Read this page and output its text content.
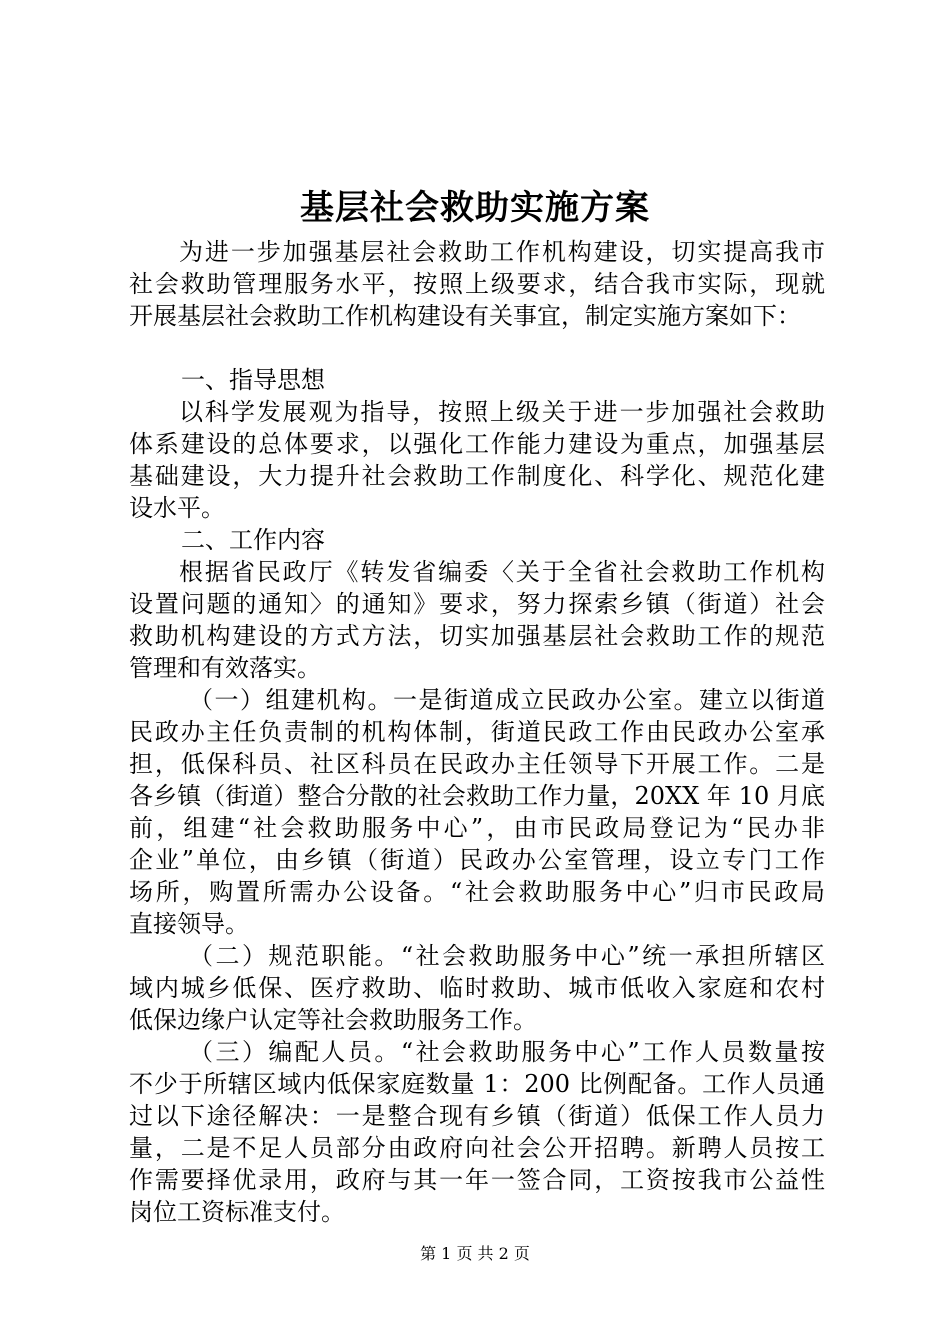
基层社会救助实施方案
为进一步加强基层社会救助工作机构建设，切实提高我市
社会救助管理服务水平，按照上级要求，结合我市实际，现就
开展基层社会救助工作机构建设有关事宜，制定实施方案如下：
一、指导思想
以科学发展观为指导，按照上级关于进一步加强社会救助
体系建设的总体要求，以强化工作能力建设为重点，加强基层
基础建设，大力提升社会救助工作制度化、科学化、规范化建
设水平。
二、工作内容
根据省民政厅《转发省编委〈关于全省社会救助工作机构
设置问题的通知〉的通知》要求，努力探索乡镇（街道）社会
救助机构建设的方式方法，切实加强基层社会救助工作的规范
管理和有效落实。
（一）组建机构。一是街道成立民政办公室。建立以街道
民政办主任负责制的机构体制，街道民政工作由民政办公室承
担，低保科员、社区科员在民政办主任领导下开展工作。二是
各乡镇（街道）整合分散的社会救助工作力量，20XX 年 10 月底
前，组建“社会救助服务中心”，由市民政局登记为“民办非
企业”单位，由乡镇（街道）民政办公室管理，设立专门工作
场所，购置所需办公设备。“社会救助服务中心”归市民政局
直接领导。
（二）规范职能。“社会救助服务中心”统一承担所辖区
域内城乡低保、医疗救助、临时救助、城市低收入家庭和农村
低保边缘户认定等社会救助服务工作。
（三）编配人员。“社会救助服务中心”工作人员数量按
不少于所辖区域内低保家庭数量 1：200 比例配备。工作人员通
过以下途径解决：一是整合现有乡镇（街道）低保工作人员力
量，二是不足人员部分由政府向社会公开招聘。新聘人员按工
作需要择优录用，政府与其一年一签合同，工资按我市公益性
岗位工资标准支付。
第 1 页 共 2 页
